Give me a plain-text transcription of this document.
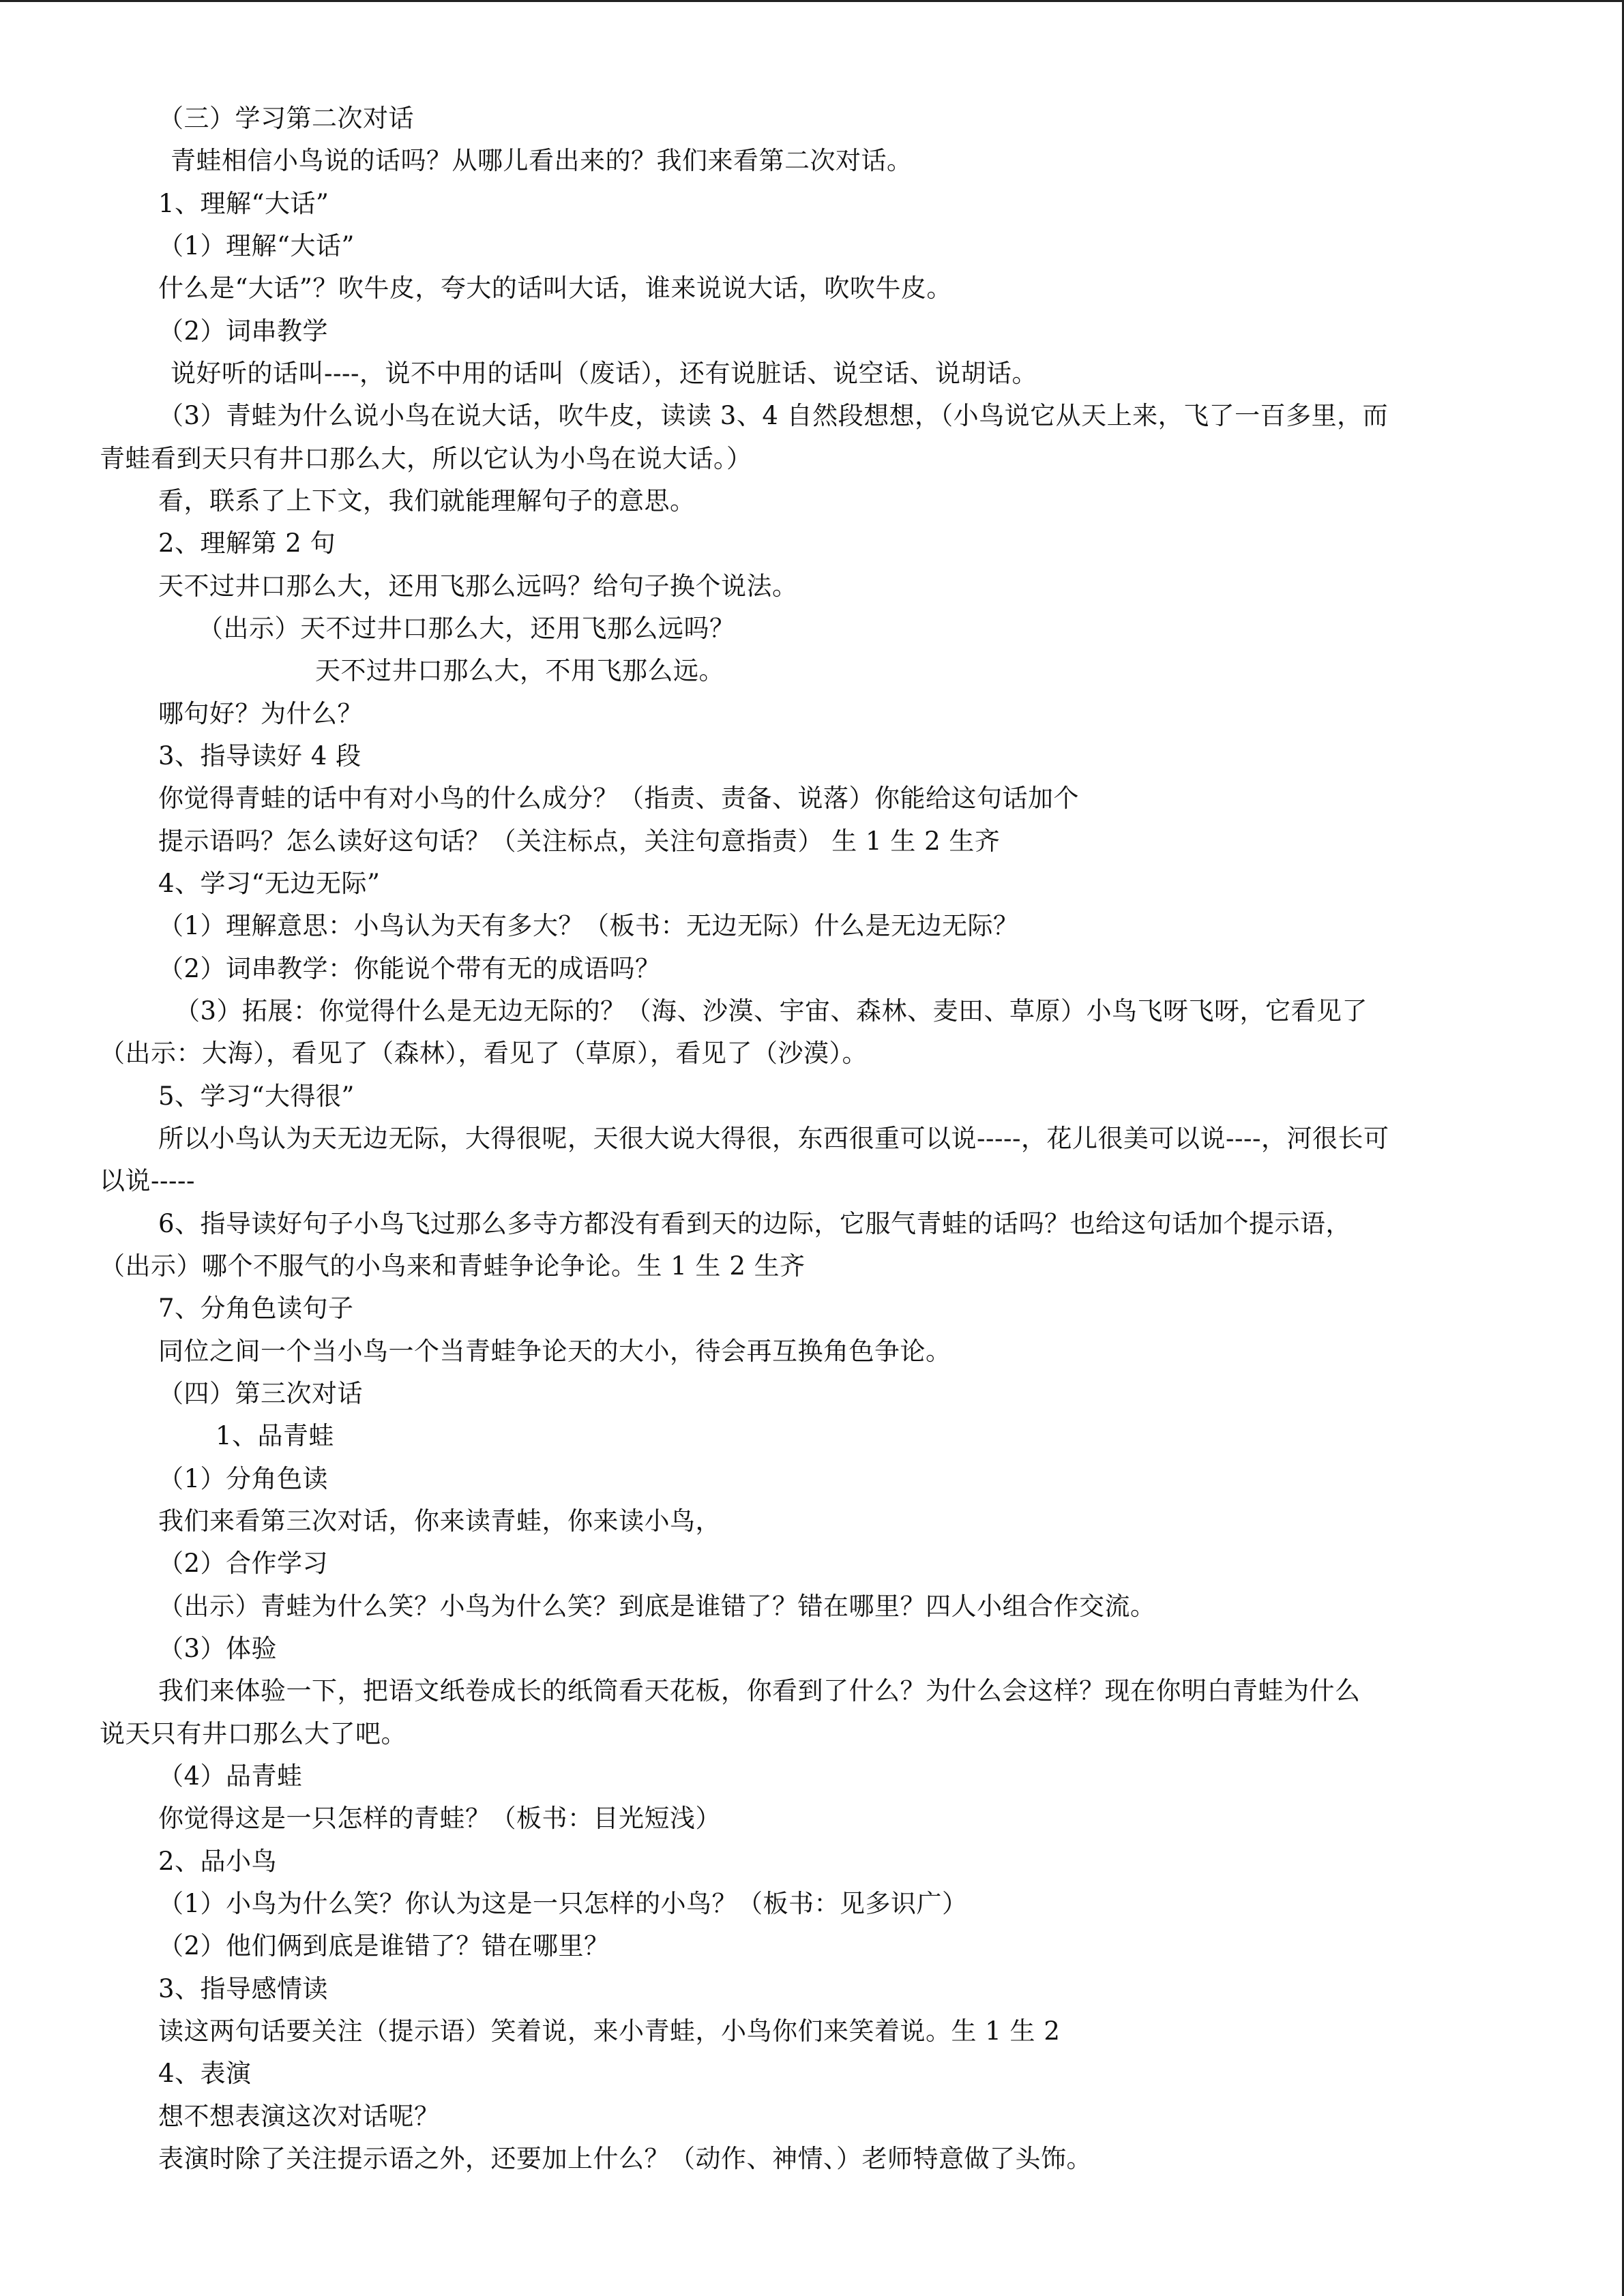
（三）学习第二次对话
青蛙相信小鸟说的话吗？从哪儿看出来的？我们来看第二次对话。
1、理解“大话”
（1）理解“大话”
什么是“大话”？吹牛皮，夸大的话叫大话，谁来说说大话，吹吹牛皮。
（2）词串教学
说好听的话叫----，说不中用的话叫（废话），还有说脏话、说空话、说胡话。
（3）青蛙为什么说小鸟在说大话，吹牛皮，读读 3、4 自然段想想，（小鸟说它从天上来，飞了一百多里，而
青蛙看到天只有井口那么大，所以它认为小鸟在说大话。）
看，联系了上下文，我们就能理解句子的意思。
2、理解第 2 句
天不过井口那么大，还用飞那么远吗？给句子换个说法。
（出示）天不过井口那么大，还用飞那么远吗？
天不过井口那么大，不用飞那么远。
哪句好？为什么？
3、指导读好 4 段
你觉得青蛙的话中有对小鸟的什么成分？（指责、责备、说落）你能给这句话加个
提示语吗？怎么读好这句话？（关注标点，关注句意指责） 生 1 生 2 生齐
4、学习“无边无际”
（1）理解意思：小鸟认为天有多大？（板书：无边无际）什么是无边无际？
（2）词串教学：你能说个带有无的成语吗？
（3）拓展：你觉得什么是无边无际的？（海、沙漠、宇宙、森林、麦田、草原）小鸟飞呀飞呀，它看见了
（出示：大海），看见了（森林），看见了（草原），看见了（沙漠）。
5、学习“大得很”
所以小鸟认为天无边无际，大得很呢，天很大说大得很，东西很重可以说-----，花儿很美可以说----，河很长可
以说-----
6、指导读好句子小鸟飞过那么多寺方都没有看到天的边际，它服气青蛙的话吗？也给这句话加个提示语，
（出示）哪个不服气的小鸟来和青蛙争论争论。生 1 生 2 生齐
7、分角色读句子
同位之间一个当小鸟一个当青蛙争论天的大小，待会再互换角色争论。
（四）第三次对话
1、品青蛙
（1）分角色读
我们来看第三次对话，你来读青蛙，你来读小鸟，
（2）合作学习
（出示）青蛙为什么笑？小鸟为什么笑？到底是谁错了？错在哪里？四人小组合作交流。
（3）体验
我们来体验一下，把语文纸卷成长的纸筒看天花板，你看到了什么？为什么会这样？现在你明白青蛙为什么
说天只有井口那么大了吧。
（4）品青蛙
你觉得这是一只怎样的青蛙？（板书：目光短浅）
2、品小鸟
（1）小鸟为什么笑？你认为这是一只怎样的小鸟？（板书：见多识广）
（2）他们俩到底是谁错了？错在哪里？
3、指导感情读
读这两句话要关注（提示语）笑着说，来小青蛙，小鸟你们来笑着说。生 1 生 2
4、表演
想不想表演这次对话呢？
表演时除了关注提示语之外，还要加上什么？（动作、神情、）老师特意做了头饰。
